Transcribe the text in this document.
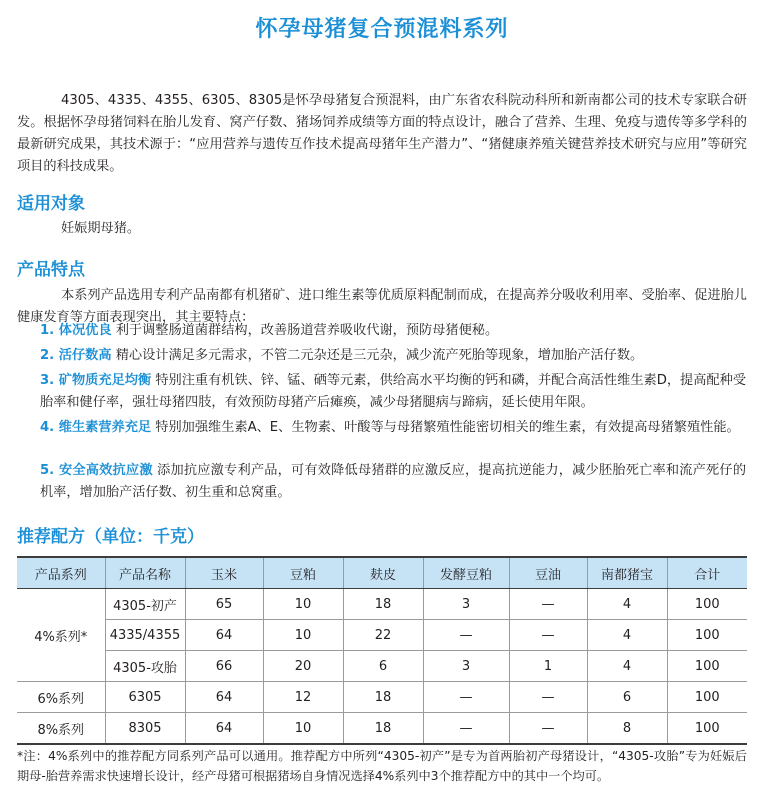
怀孕母猪复合预混料系列

4305、4335、4355、6305、8305是怀孕母猪复合预混料，由广东省农科院动科所和新南都公司的技术专家联合研发。根据怀孕母猪饲料在胎儿发育、窝产仔数、猪场饲养成绩等方面的特点设计，融合了营养、生理、免疫与遗传等多学科的最新研究成果，其技术源于：“应用营养与遗传互作技术提高母猪年生产潜力”、“猪健康养殖关键营养技术研究与应用”等研究项目的科技成果。

适用对象

妊娠期母猪。

产品特点

本系列产品选用专利产品南都有机猪矿、进口维生素等优质原料配制而成，在提高养分吸收利用率、受胎率、促进胎儿健康发育等方面表现突出，其主要特点：

1. 体况优良 利于调整肠道菌群结构，改善肠道营养吸收代谢，预防母猪便秘。
2. 活仔数高 精心设计满足多元需求，不管二元杂还是三元杂，减少流产死胎等现象，增加胎产活仔数。
3. 矿物质充足均衡 特别注重有机铁、锌、锰、硒等元素，供给高水平均衡的钙和磷，并配合高活性维生素D，提高配种受胎率和健仔率，强壮母猪四肢，有效预防母猪产后瘫痪，减少母猪腿病与蹄病，延长使用年限。
4. 维生素营养充足 特别加强维生素A、E、生物素、叶酸等与母猪繁殖性能密切相关的维生素，有效提高母猪繁殖性能。
5. 安全高效抗应激 添加抗应激专利产品，可有效降低母猪群的应激反应，提高抗逆能力，减少胚胎死亡率和流产死仔的机率，增加胎产活仔数、初生重和总窝重。
推荐配方（单位：千克）
产品系列	产品名称	玉米	豆粕	麸皮	发酵豆粕	豆油	南都猪宝	合计
4%系列*	4305-初产	65	10	18	3	—	4	100
	4335/4355	64	10	22	—	—	4	100
	4305-攻胎	66	20	6	3	1	4	100
6%系列	6305	64	12	18	—	—	6	100
8%系列	8305	64	10	18	—	—	8	100
*注：4%系列中的推荐配方同系列产品可以通用。推荐配方中所列“4305-初产”是专为首两胎初产母猪设计，“4305-攻胎”专为妊娠后期母-胎营养需求快速增长设计，经产母猪可根据猪场自身情况选择4%系列中3个推荐配方中的其中一个均可。
